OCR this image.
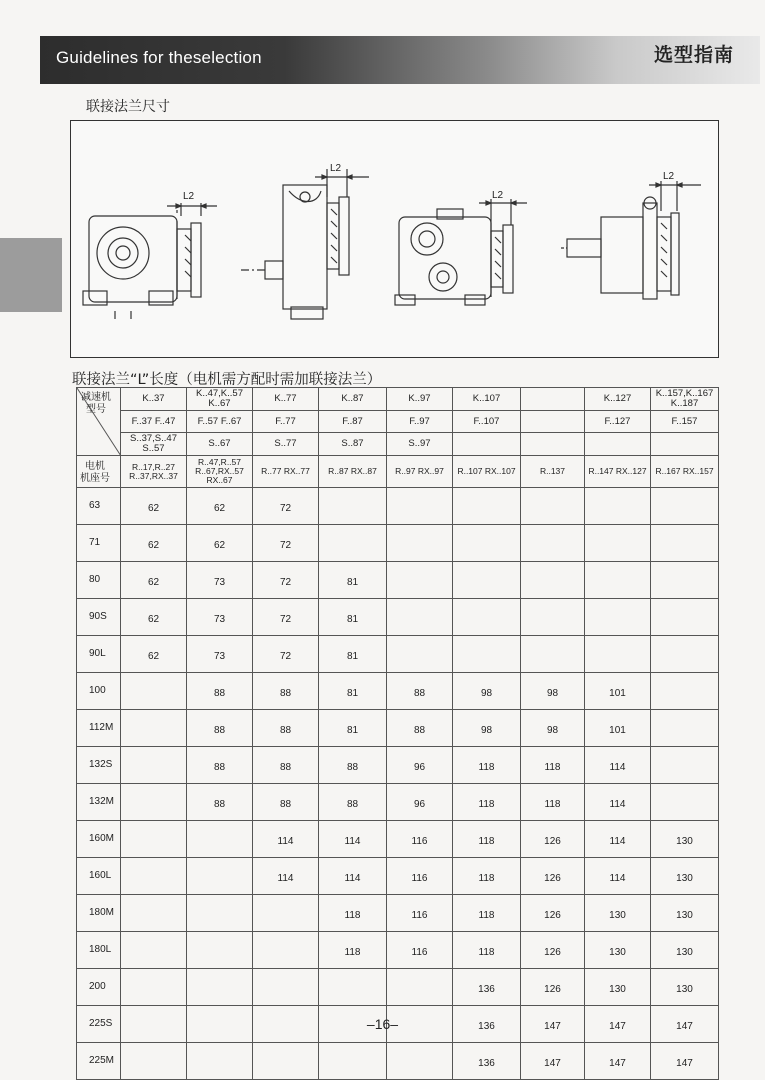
Guidelines for theselection	选型指南
联接法兰尺寸
L2
L2
L2
L2
联接法兰“L”长度（电机需方配时需加联接法兰）
减速机
型号	K..37	K..47,K..57 K..67	K..77	K..87	K..97	K..107		K..127	K..157,K..167 K..187
	F..37 F..47	F..57 F..67	F..77	F..87	F..97	F..107		F..127	F..157
	S..37,S..47 S..57	S..67	S..77	S..87	S..97				

电机
机座号	R..17,R..27 R..37,RX..37	R..47,R..57 R..67,RX..57 RX..67	R..77 RX..77	R..87 RX..87	R..97 RX..97	R..107 RX..107	R..137	R..147 RX..127	R..167 RX..157
63	62	62	72						
71	62	62	72						
80	62	73	72	81					
90S	62	73	72	81					
90L	62	73	72	81					
100		88	88	81	88	98	98	101	
112M		88	88	81	88	98	98	101	
132S		88	88	88	96	118	118	114	
132M		88	88	88	96	118	118	114	
160M			114	114	116	118	126	114	130
160L			114	114	116	118	126	114	130
180M				118	116	118	126	130	130
180L				118	116	118	126	130	130
200						136	126	130	130
225S						136	147	147	147
225M						136	147	147	147
–16–
